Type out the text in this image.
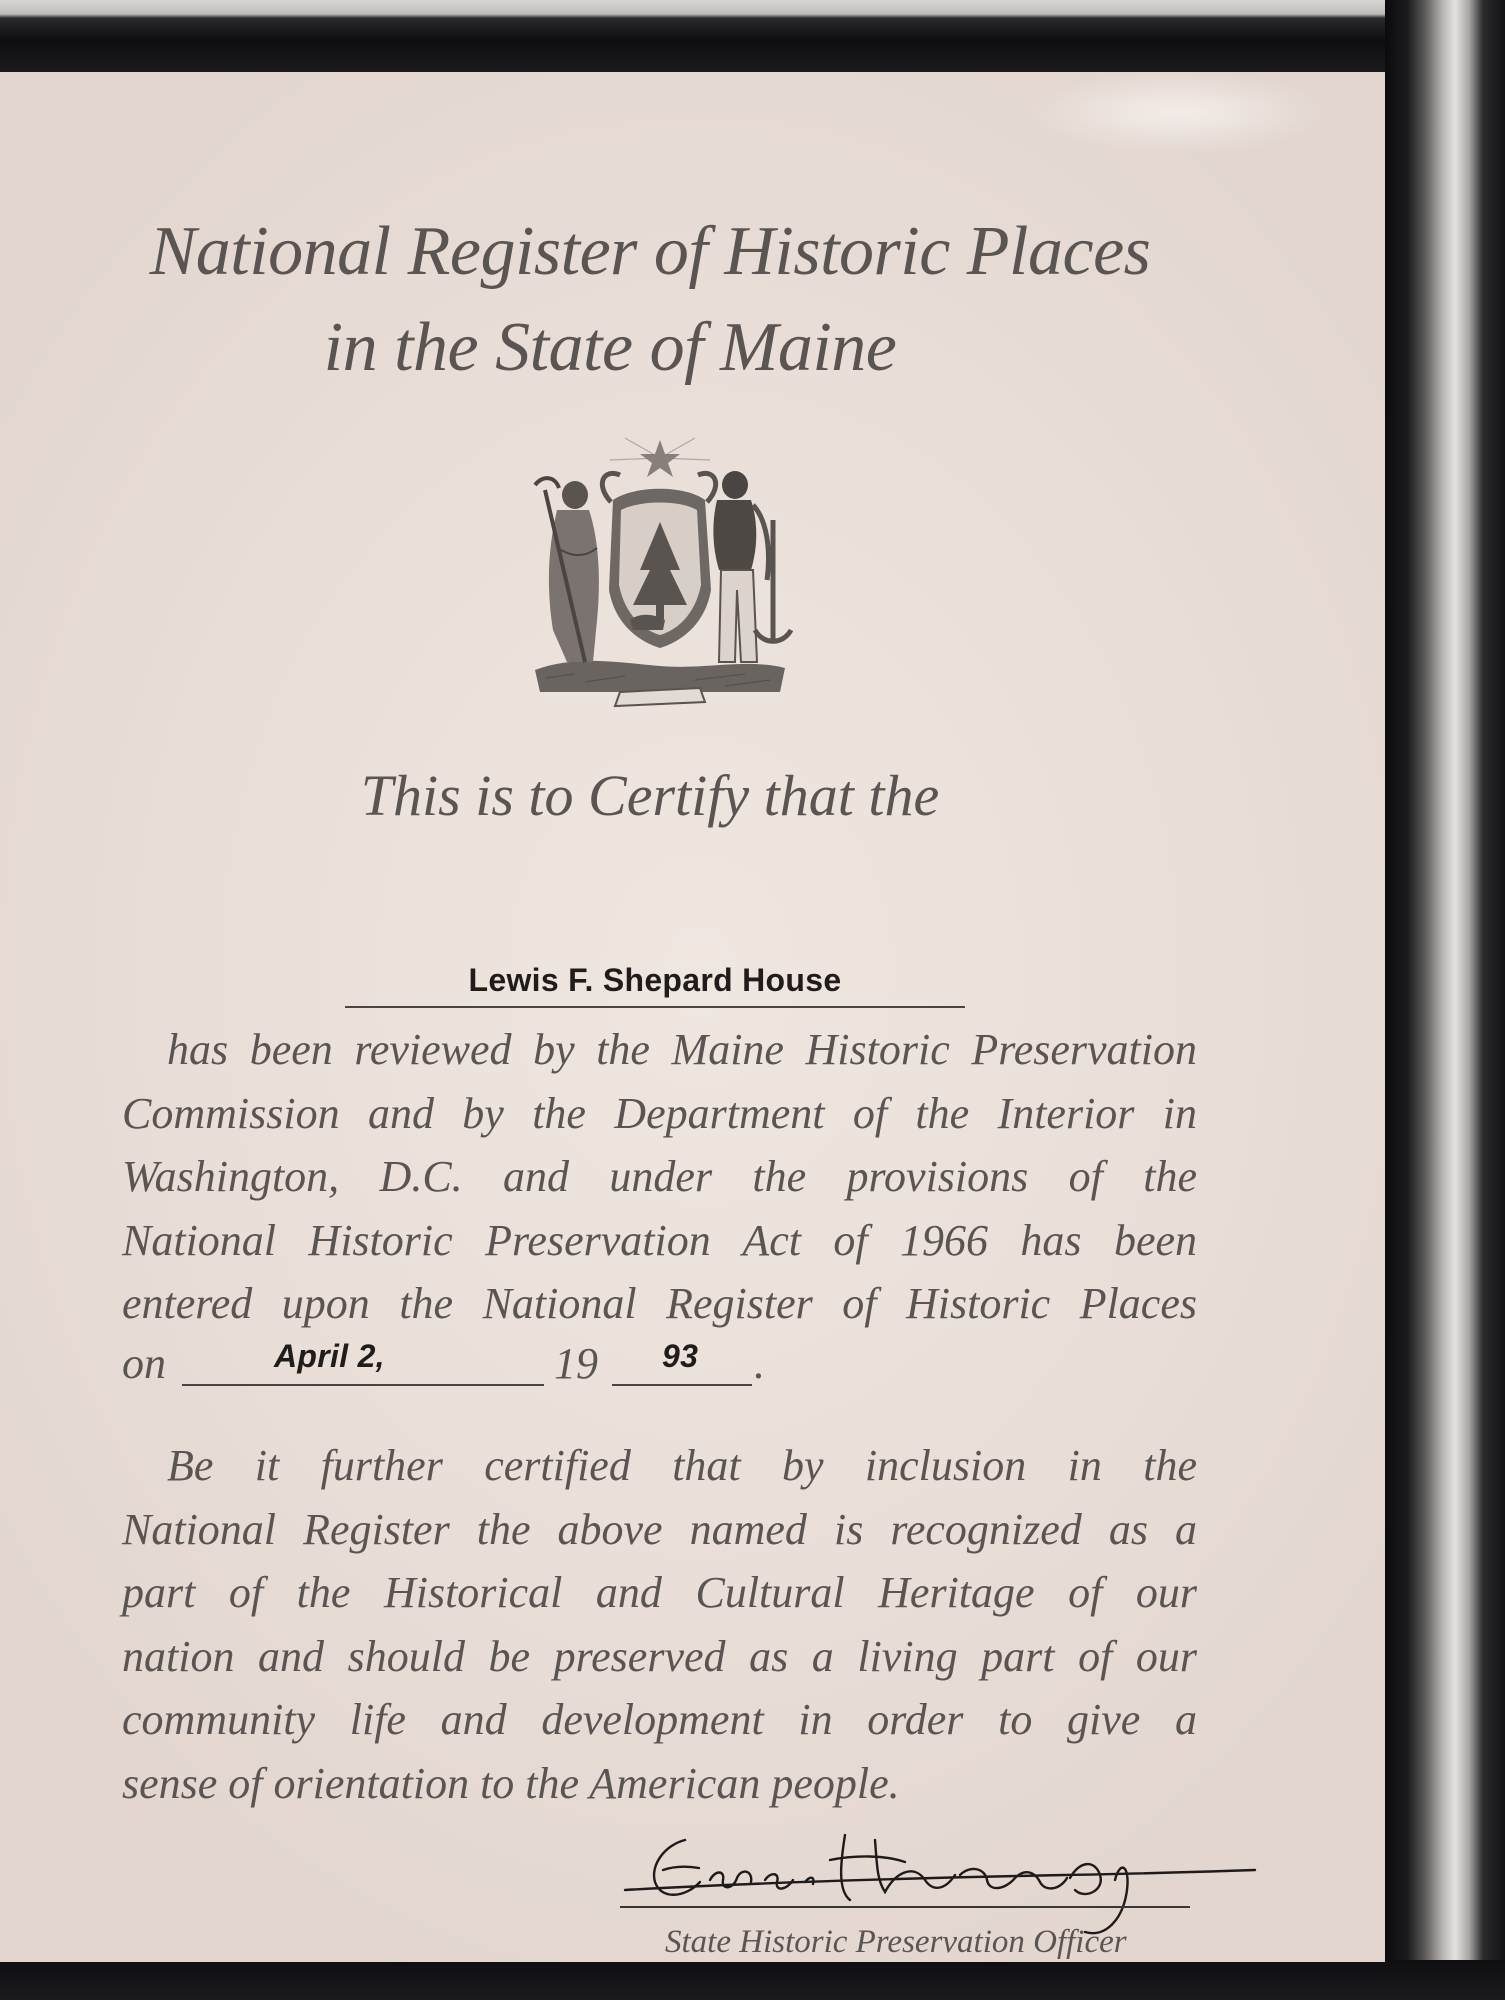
National Register of Historic Places
in the State of Maine
This is to Certify that the
Lewis F. Shepard House
has been reviewed by the Maine Historic Preservation
Commission and by the Department of the Interior in
Washington, D.C. and under the provisions of the
National Historic Preservation Act of 1966 has been
entered upon the National Register of Historic Places
on	April 2,	19 93 .
Be it further certified that by inclusion in the
National Register the above named is recognized as a
part of the Historical and Cultural Heritage of our
nation and should be preserved as a living part of our
community life and development in order to give a
sense of orientation to the American people.
State Historic Preservation Officer
